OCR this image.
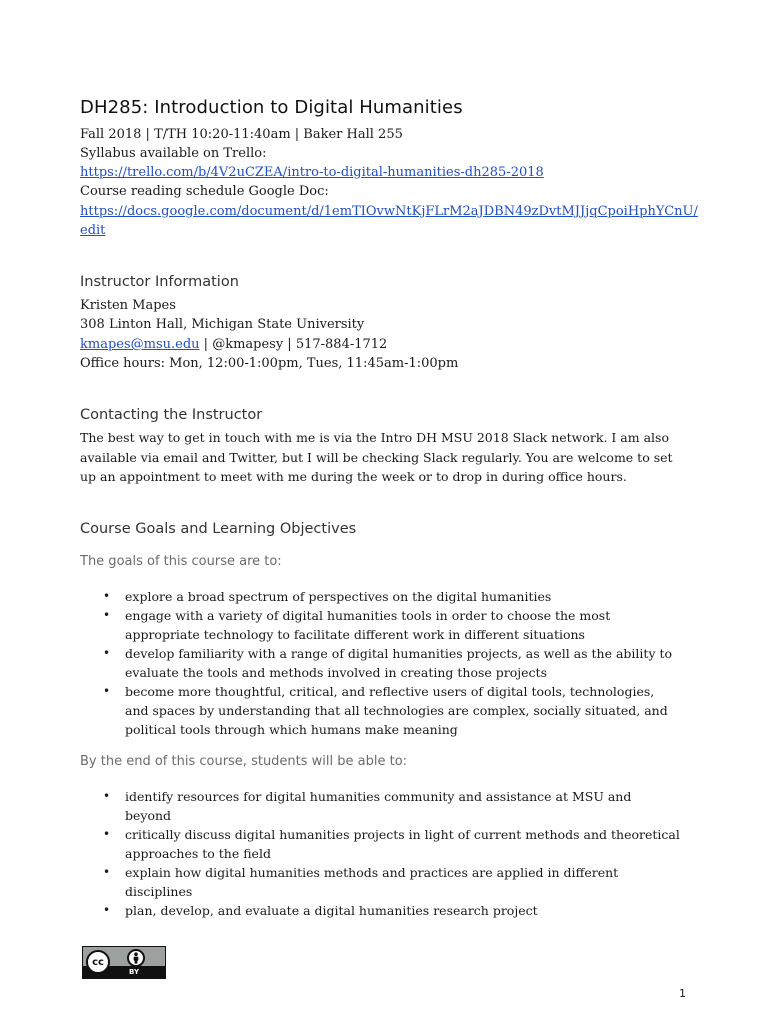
DH285: Introduction to Digital Humanities
Fall 2018 | T/TH 10:20-11:40am | Baker Hall 255
Syllabus available on Trello:
https://trello.com/b/4V2uCZEA/intro-to-digital-humanities-dh285-2018
Course reading schedule Google Doc:
https://docs.google.com/document/d/1emTIOvwNtKjFLrM2aJDBN49zDvtMJJjqCpoiHphYCnU/
edit
Instructor Information
Kristen Mapes
308 Linton Hall, Michigan State University
kmapes@msu.edu | @kmapesy | 517-884-1712
Office hours: Mon, 12:00-1:00pm, Tues, 11:45am-1:00pm
Contacting the Instructor
The best way to get in touch with me is via the Intro DH MSU 2018 Slack network. I am also available via email and Twitter, but I will be checking Slack regularly. You are welcome to set up an appointment to meet with me during the week or to drop in during office hours.
Course Goals and Learning Objectives
The goals of this course are to:
• explore a broad spectrum of perspectives on the digital humanities
• engage with a variety of digital humanities tools in order to choose the most appropriate technology to facilitate different work in different situations
• develop familiarity with a range of digital humanities projects, as well as the ability to evaluate the tools and methods involved in creating those projects
• become more thoughtful, critical, and reflective users of digital tools, technologies, and spaces by understanding that all technologies are complex, socially situated, and political tools through which humans make meaning
By the end of this course, students will be able to:
• identify resources for digital humanities community and assistance at MSU and beyond
• critically discuss digital humanities projects in light of current methods and theoretical approaches to the field
• explain how digital humanities methods and practices are applied in different disciplines
• plan, develop, and evaluate a digital humanities research project
cc
BY
1
